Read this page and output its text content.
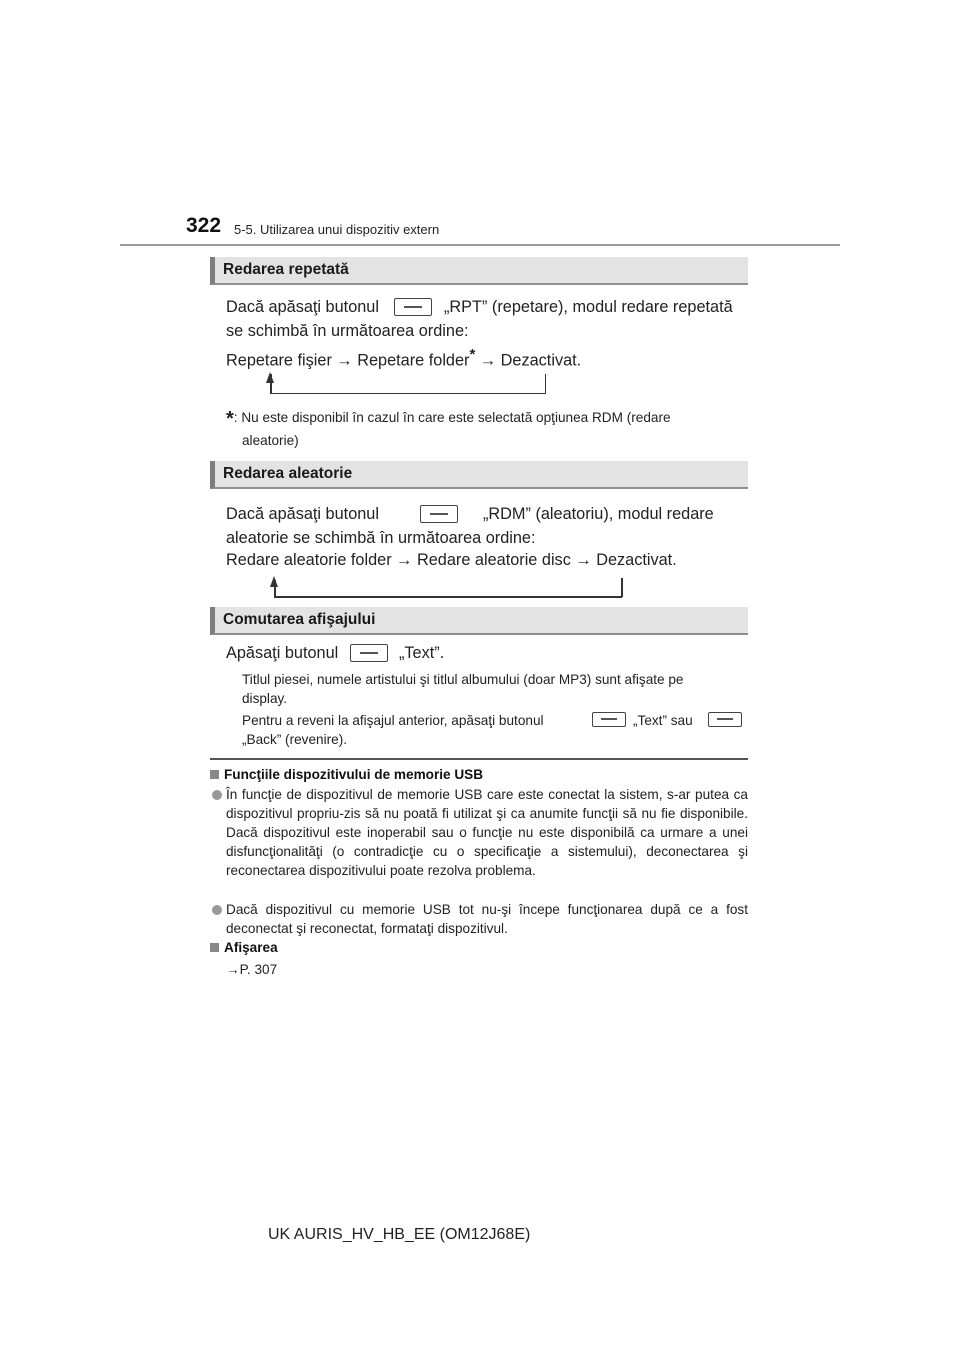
322 5-5. Utilizarea unui dispozitiv extern
Redarea repetată
Dacă apăsaţi butonul	„RPT” (repetare), modul redare repetată
se schimbă în următoarea ordine:
Repetare fişier → Repetare folder* → Dezactivat.
*: Nu este disponibil în cazul în care este selectată opţiunea RDM (redare
aleatorie)
Redarea aleatorie
Dacă apăsaţi butonul	„RDM” (aleatoriu), modul redare
aleatorie se schimbă în următoarea ordine:
Redare aleatorie folder → Redare aleatorie disc → Dezactivat.
Comutarea afişajului
Apăsaţi butonul	„Text”.
Titlul piesei, numele artistului şi titlul albumului (doar MP3) sunt afişate pe
display.
Pentru a reveni la afişajul anterior, apăsaţi butonul	„Text” sau
„Back” (revenire).
Funcţiile dispozitivului de memorie USB
În funcţie de dispozitivul de memorie USB care este conectat la sistem, s-ar putea ca dispozitivul propriu-zis să nu poată fi utilizat şi ca anumite funcţii să nu fie disponibile. Dacă dispozitivul este inoperabil sau o funcţie nu este disponibilă ca urmare a unei disfuncţionalităţi (o contradicţie cu o specificaţie a sistemului), deconectarea şi reconectarea dispozitivului poate rezolva problema.
Dacă dispozitivul cu memorie USB tot nu-şi începe funcţionarea după ce a fost deconectat şi reconectat, formataţi dispozitivul.
Afişarea
→P. 307
UK AURIS_HV_HB_EE (OM12J68E)
